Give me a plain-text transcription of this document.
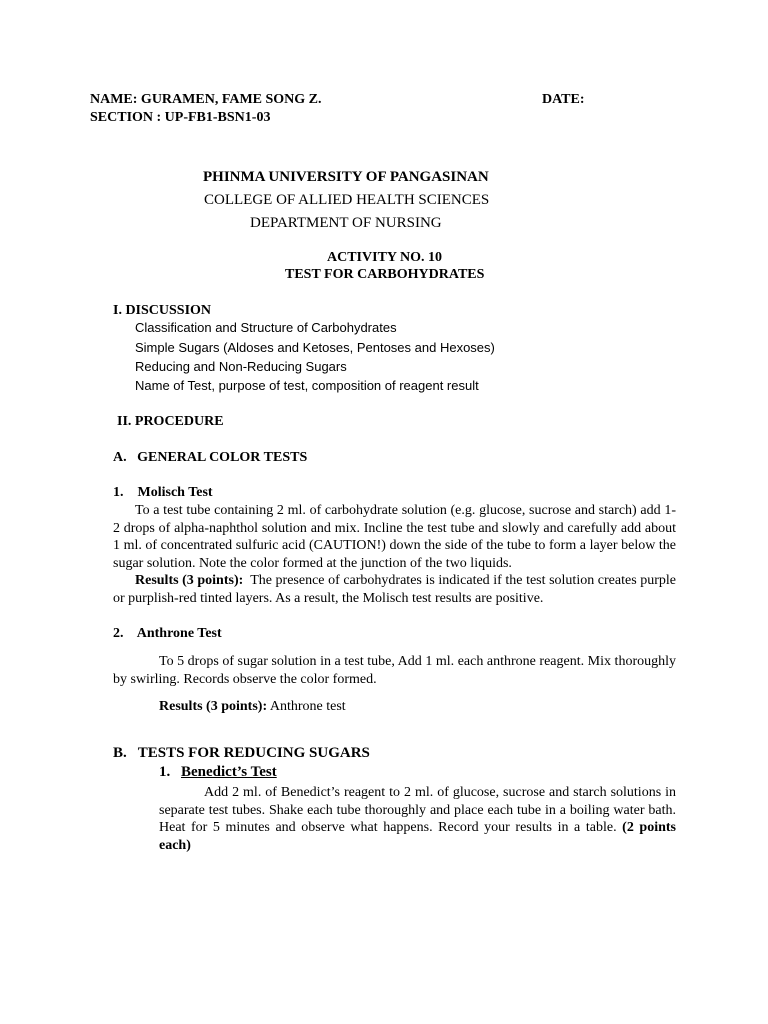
NAME: GURAMEN, FAME SONG Z.	DATE:
SECTION : UP-FB1-BSN1-03
PHINMA UNIVERSITY OF PANGASINAN
COLLEGE OF ALLIED HEALTH SCIENCES
DEPARTMENT OF NURSING
ACTIVITY NO. 10
TEST FOR CARBOHYDRATES
I. DISCUSSION
Classification and Structure of Carbohydrates
Simple Sugars (Aldoses and Ketoses, Pentoses and Hexoses)
Reducing and Non-Reducing Sugars
Name of Test, purpose of test, composition of reagent result
II. PROCEDURE
A.   GENERAL COLOR TESTS
1.    Molisch Test
To a test tube containing 2 ml. of carbohydrate solution (e.g. glucose, sucrose and starch) add 1-2 drops of alpha-naphthol solution and mix. Incline the test tube and slowly and carefully add about 1 ml. of concentrated sulfuric acid (CAUTION!) down the side of the tube to form a layer below the sugar solution. Note the color formed at the junction of the two liquids.
Results (3 points): The presence of carbohydrates is indicated if the test solution creates purple or purplish-red tinted layers. As a result, the Molisch test results are positive.
2.    Anthrone Test
To 5 drops of sugar solution in a test tube, Add 1 ml. each anthrone reagent. Mix thoroughly by swirling. Records observe the color formed.
Results (3 points): Anthrone test
B.   TESTS FOR REDUCING SUGARS
1. Benedict’s Test
Add 2 ml. of Benedict’s reagent to 2 ml. of glucose, sucrose and starch solutions in separate test tubes. Shake each tube thoroughly and place each tube in a boiling water bath. Heat for 5 minutes and observe what happens. Record your results in a table. (2 points each)
